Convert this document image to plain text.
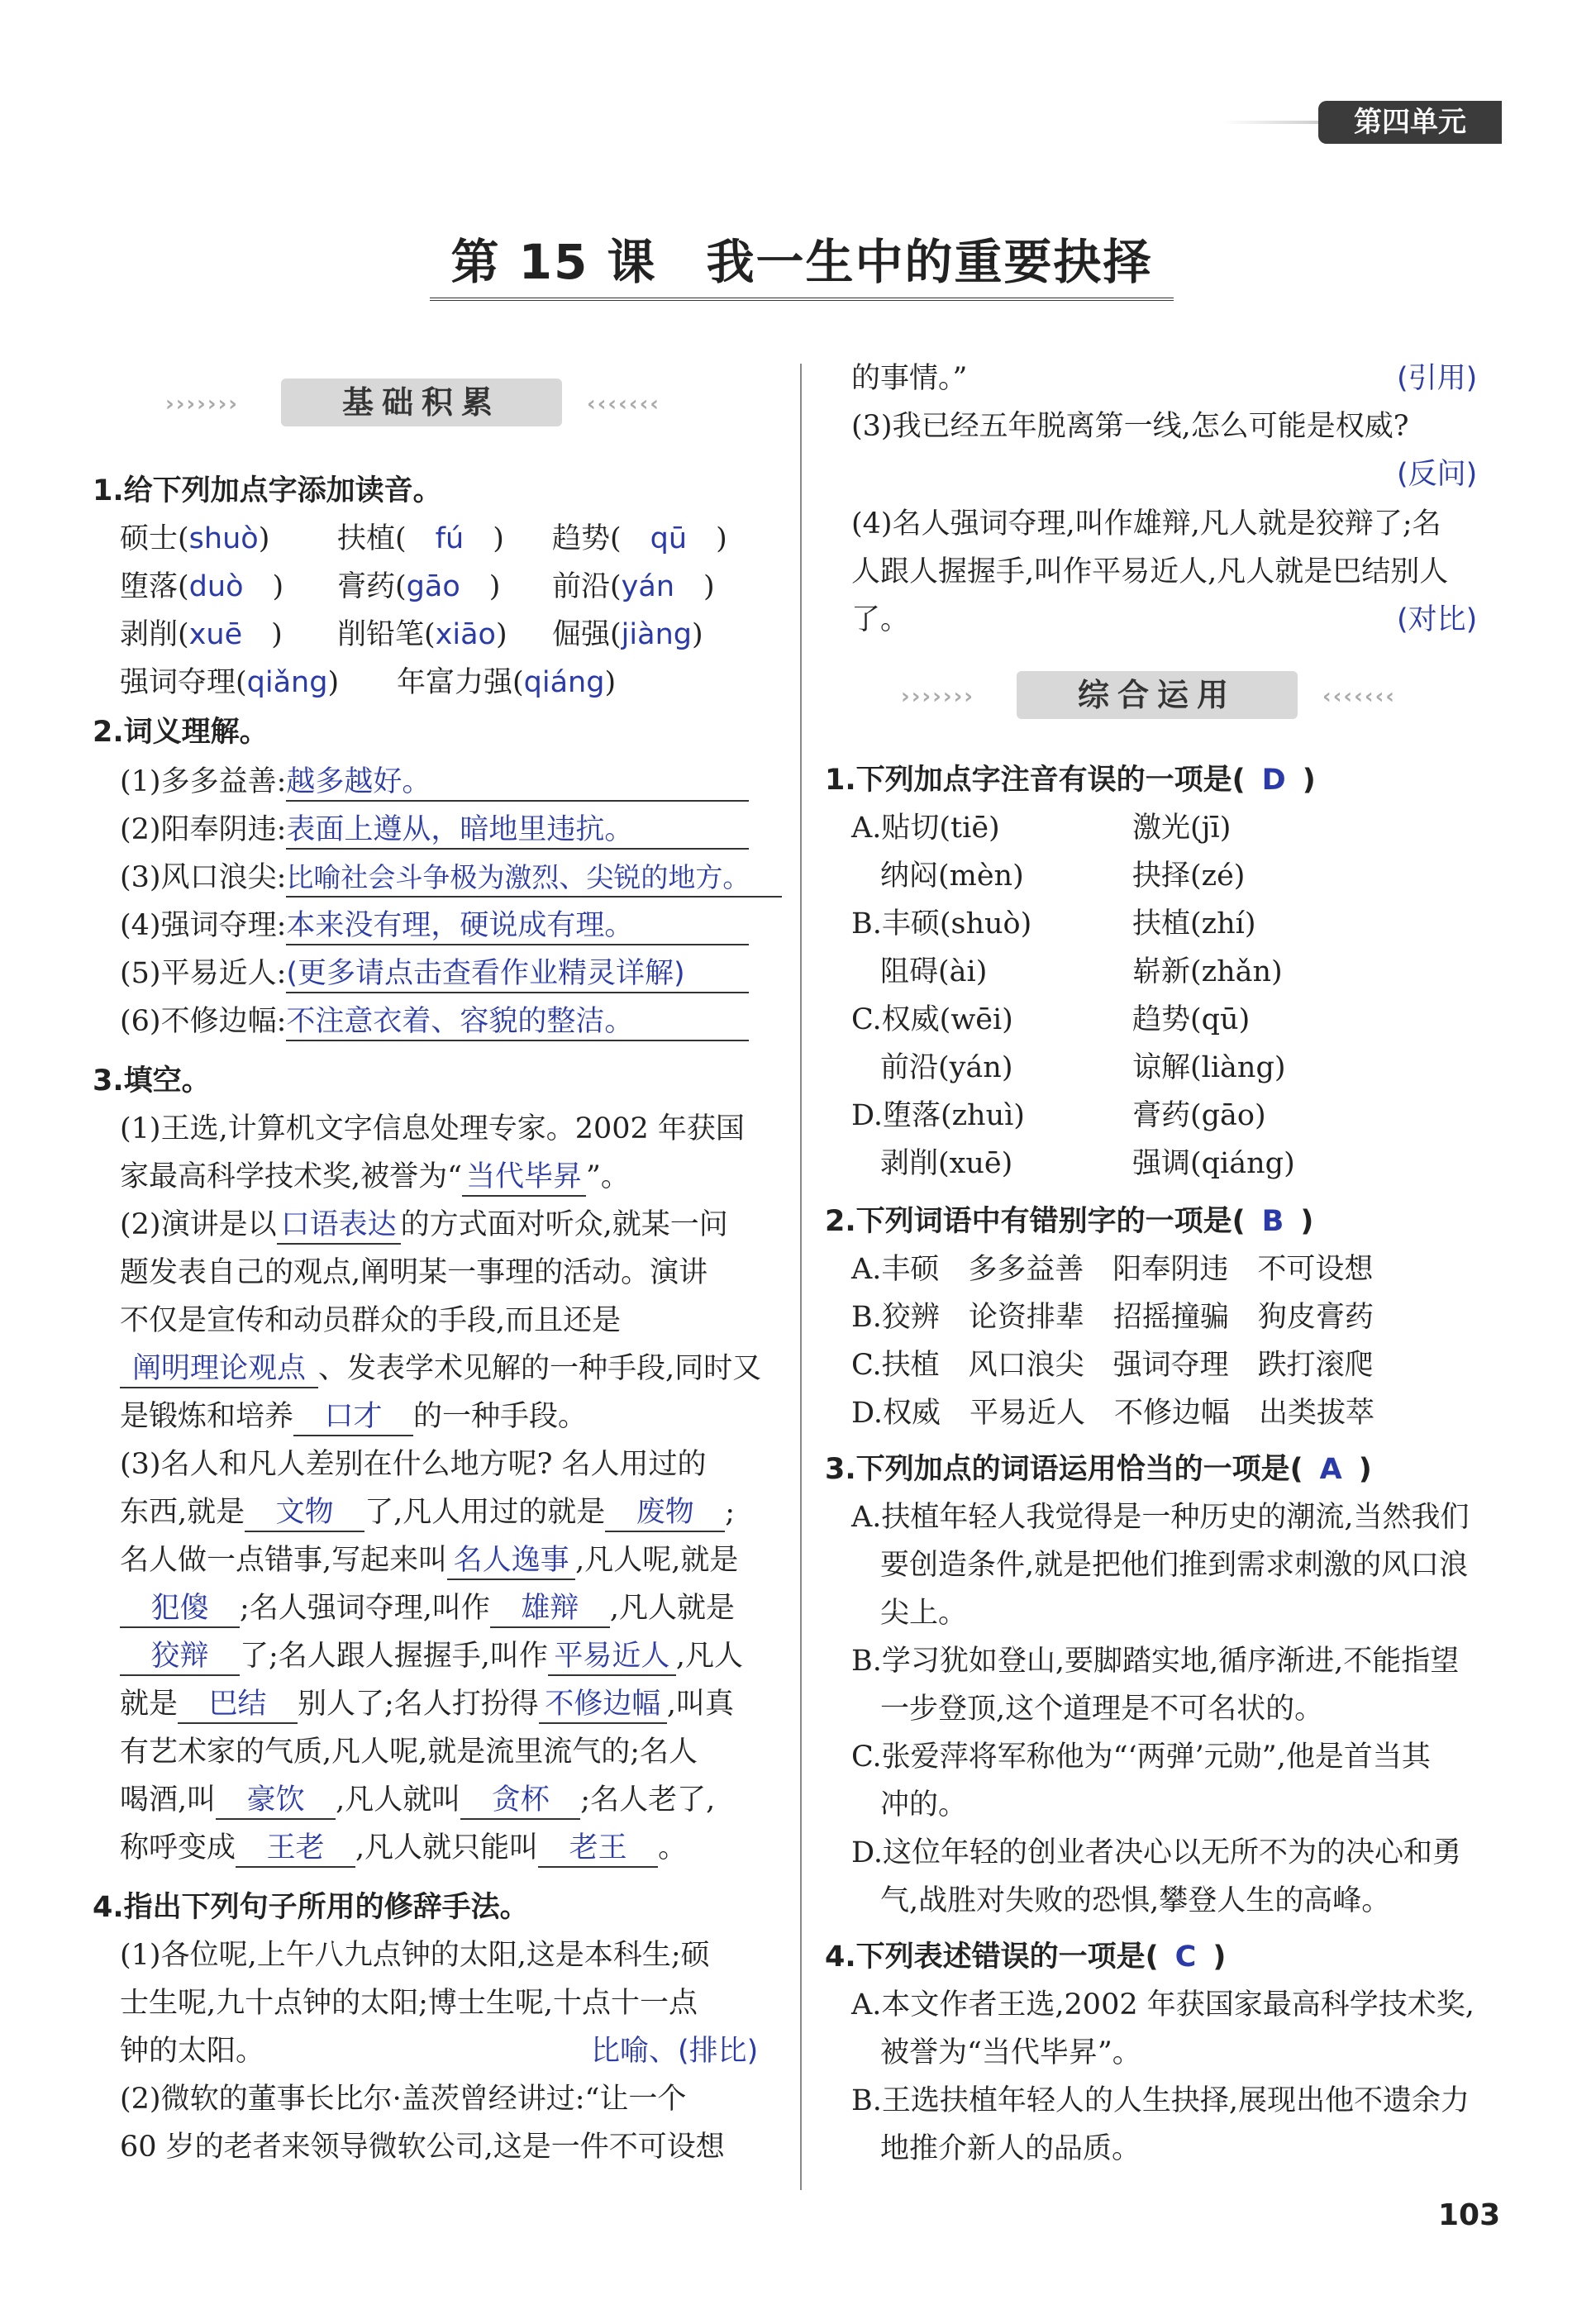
第四单元
第 15 课　我一生中的重要抉择
›››››››	基础积累	‹‹‹‹‹‹‹
›››››››	综合运用	‹‹‹‹‹‹‹
1.给下列加点字添加读音。
硕士(shuò) 扶植(　fú　) 趋势(　qū　)
堕落(duò　) 膏药(gāo　) 前沿(yán　)
剥削(xuē　) 削铅笔(xiāo) 倔强(jiàng)
强词夺理(qiǎng) 年富力强(qiáng)
2.词义理解。
(1)多多益善:越多越好。
(2)阳奉阴违:表面上遵从，暗地里违抗。
(3)风口浪尖:比喻社会斗争极为激烈、尖锐的地方。
(4)强词夺理:本来没有理，硬说成有理。
(5)平易近人:(更多请点击查看作业精灵详解)
(6)不修边幅:不注意衣着、容貌的整洁。
3.填空。
(1)王选,计算机文字信息处理专家。2002 年获国
家最高科学技术奖,被誉为“ 当代毕昇 ”。
(2)演讲是以 口语表达 的方式面对听众,就某一问
题发表自己的观点,阐明某一事理的活动。演讲
不仅是宣传和动员群众的手段,而且还是
阐明理论观点 、发表学术见解的一种手段,同时又
是锻炼和培养 口才 的一种手段。
(3)名人和凡人差别在什么地方呢? 名人用过的
东西,就是 文物 了,凡人用过的就是 废物 ;
名人做一点错事,写起来叫 名人逸事 ,凡人呢,就是
犯傻 ;名人强词夺理,叫作 雄辩 ,凡人就是
狡辩 了;名人跟人握握手,叫作 平易近人 ,凡人
就是 巴结 别人了;名人打扮得 不修边幅 ,叫真
有艺术家的气质,凡人呢,就是流里流气的;名人
喝酒,叫 豪饮 ,凡人就叫 贪杯 ;名人老了,
称呼变成 王老 ,凡人就只能叫 老王 。
4.指出下列句子所用的修辞手法。
(1)各位呢,上午八九点钟的太阳,这是本科生;硕
士生呢,九十点钟的太阳;博士生呢,十点十一点
钟的太阳。	比喻、(排比)
(2)微软的董事长比尔·盖茨曾经讲过:“让一个
60 岁的老者来领导微软公司,这是一件不可设想
的事情。”	(引用)
(3)我已经五年脱离第一线,怎么可能是权威?
(反问)
(4)名人强词夺理,叫作雄辩,凡人就是狡辩了;名
人跟人握握手,叫作平易近人,凡人就是巴结别人
了。	(对比)
1.下列加点字注音有误的一项是( D )
A.贴切(tiē)	激光(jī)
纳闷(mèn)	抉择(zé)
B.丰硕(shuò)	扶植(zhí)
阻碍(ài)	崭新(zhǎn)
C.权威(wēi)	趋势(qū)
前沿(yán)	谅解(liàng)
D.堕落(zhuì)	膏药(gāo)
剥削(xuē)	强调(qiáng)
2.下列词语中有错别字的一项是( B )
A.丰硕　多多益善　阳奉阴违　不可设想
B.狡辨　论资排辈　招摇撞骗　狗皮膏药
C.扶植　风口浪尖　强词夺理　跌打滚爬
D.权威　平易近人　不修边幅　出类拔萃
3.下列加点的词语运用恰当的一项是( A )
A.扶植年轻人我觉得是一种历史的潮流,当然我们
要创造条件,就是把他们推到需求刺激的风口浪
尖上。
B.学习犹如登山,要脚踏实地,循序渐进,不能指望
一步登顶,这个道理是不可名状的。
C.张爱萍将军称他为“‘两弹’元勋”,他是首当其
冲的。
D.这位年轻的创业者决心以无所不为的决心和勇
气,战胜对失败的恐惧,攀登人生的高峰。
4.下列表述错误的一项是( C )
A.本文作者王选,2002 年获国家最高科学技术奖,
被誉为“当代毕昇”。
B.王选扶植年轻人的人生抉择,展现出他不遗余力
地推介新人的品质。
103
